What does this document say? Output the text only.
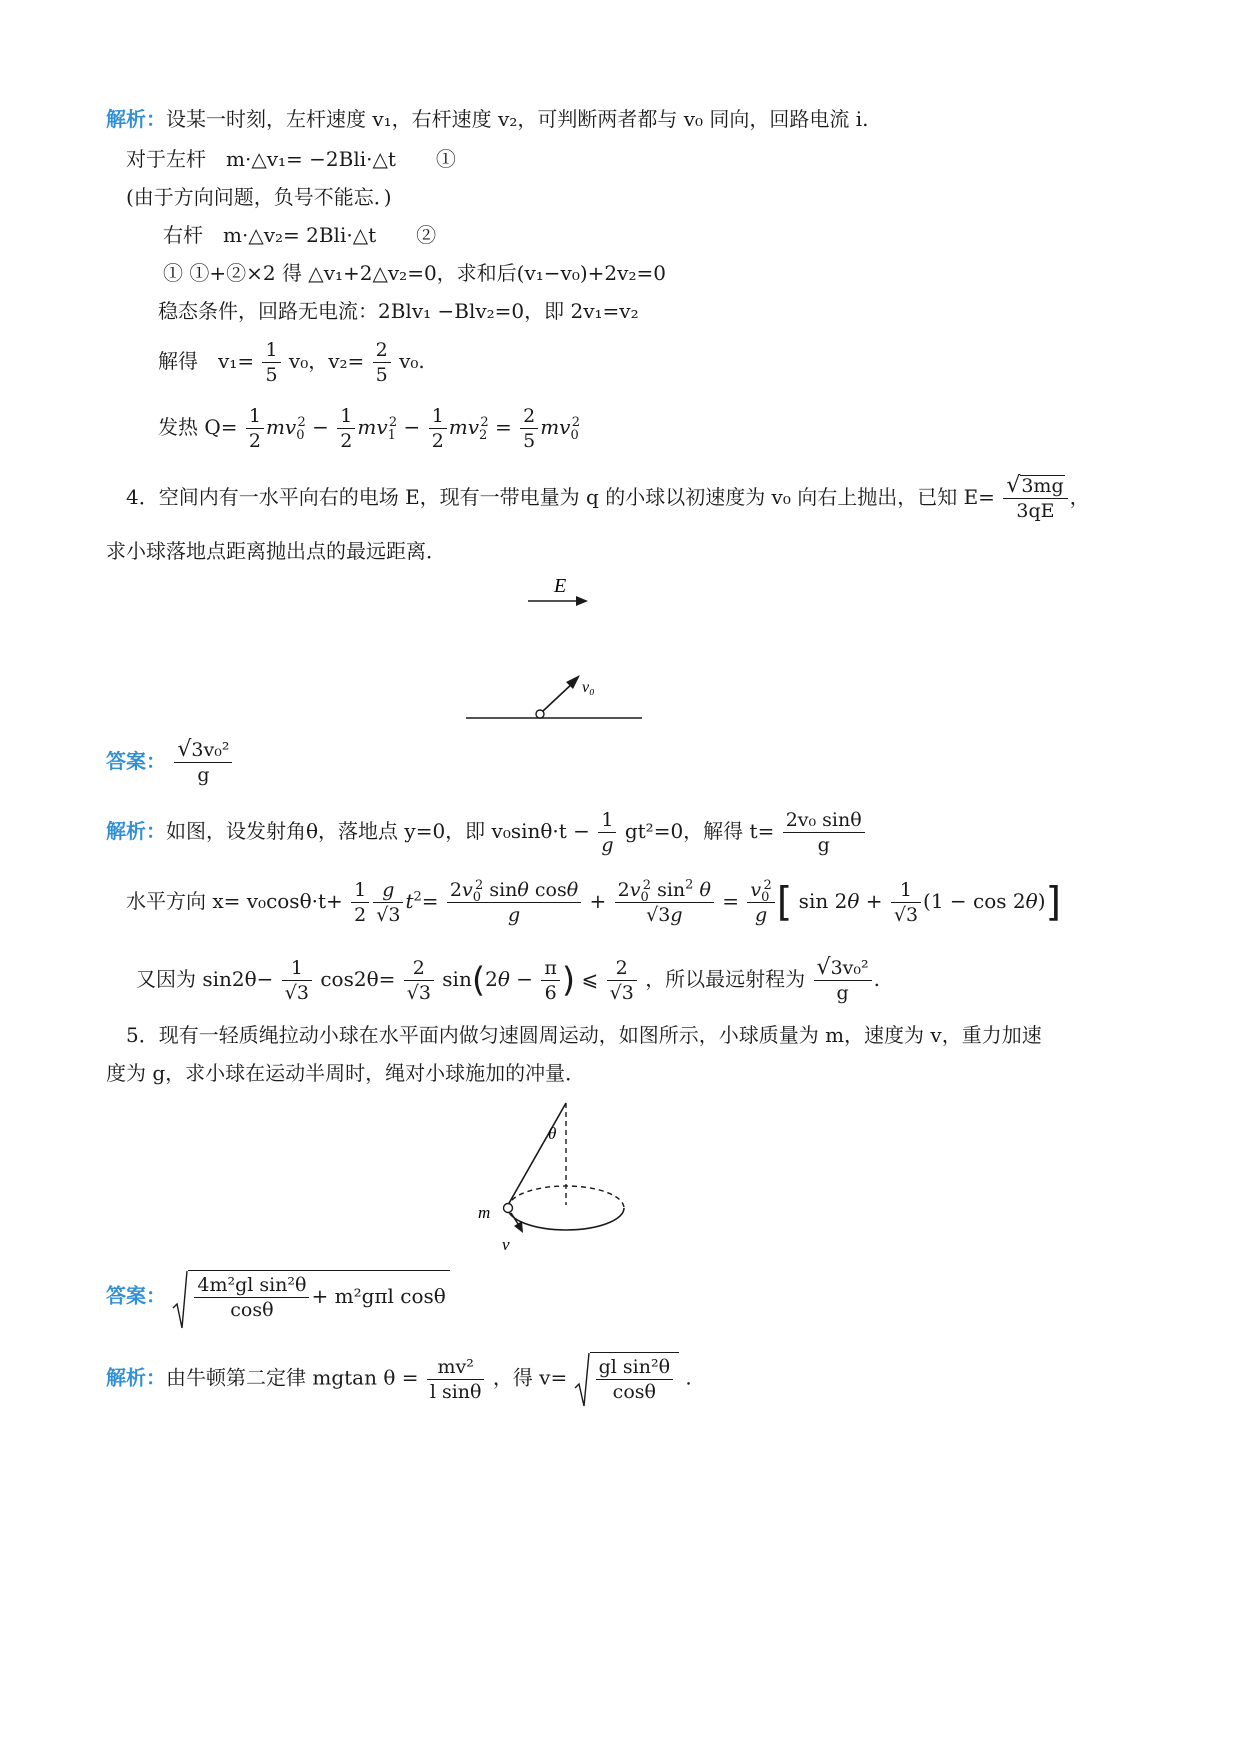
解析：设某一时刻，左杆速度 v₁，右杆速度 v₂，可判断两者都与 v₀ 同向，回路电流 i.
对于左杆　m·△v₁= −2Bli·△t　　①
(由于方向问题，负号不能忘．)
右杆　m·△v₂= 2Bli·△t　　②
① ①+②×2 得 △v₁+2△v₂=0，求和后(v₁−v₀)+2v₂=0
稳态条件，回路无电流：2Blv₁ −Blv₂=0，即 2v₁=v₂
解得　$v_1= \frac{1}{5} v_0$，$v_2= \frac{2}{5} v_0$.
发热 $Q= \frac{1}{2} mv_0^2 - \frac{1}{2} mv_1^2 - \frac{1}{2} mv_2^2 = \frac{2}{5} mv_0^2$
4．空间内有一水平向右的电场 E，现有一带电量为 q 的小球以初速度为 v₀ 向右上抛出，已知 $E= \frac{√3mg}{3qE}$ ，
求小球落地点距离抛出点的最远距离．
E
v₀
答案： $\frac{\text{√3v₀²}}{g}$
解析：如图，设发射角θ，落地点 y=0，即 $v_0\sin\theta\cdot t - \frac{1}{g} gt^2=0$，解得 $t= \frac{\text{2v₀ sinθ}}{g}$
水平方向 $x= v_0\cos\theta\cdot t+ \frac{1}{2} \frac{g}{√3} t^2= \frac{2v_0^2 \sin\theta \cos\theta}{g} + \frac{2v_0^2 \sin^2 \theta}{√3g} = \frac{v_0^2}{g}$ [ $\sin 2\theta + \frac{1}{√3} (1 - \cos 2\theta)$]
又因为 $\sin 2\theta- \frac{1}{√3} \cos 2\theta= \frac{2}{√3} \sin(2\theta - \frac{\pi}{6}$ ) ⩽ $\frac{2}{√3}$ ，所以最远射程为 $\frac{\text{√3v₀²}}{g}$ .
5．现有一轻质绳拉动小球在水平面内做匀速圆周运动，如图所示，小球质量为 m，速度为 v，重力加速
度为 g，求小球在运动半周时，绳对小球施加的冲量．
θ
m
v
答案： $\frac{\text{4m²gl sin²θ}}{\cos\theta} + m^2g\pi l$ cosθ
解析：由牛顿第二定律 mgtan $\theta = \frac{\text{mv²}}{\text{l sinθ}}$ ，得 $v= \frac{\text{gl sin²θ}}{\cos\theta}$ .
